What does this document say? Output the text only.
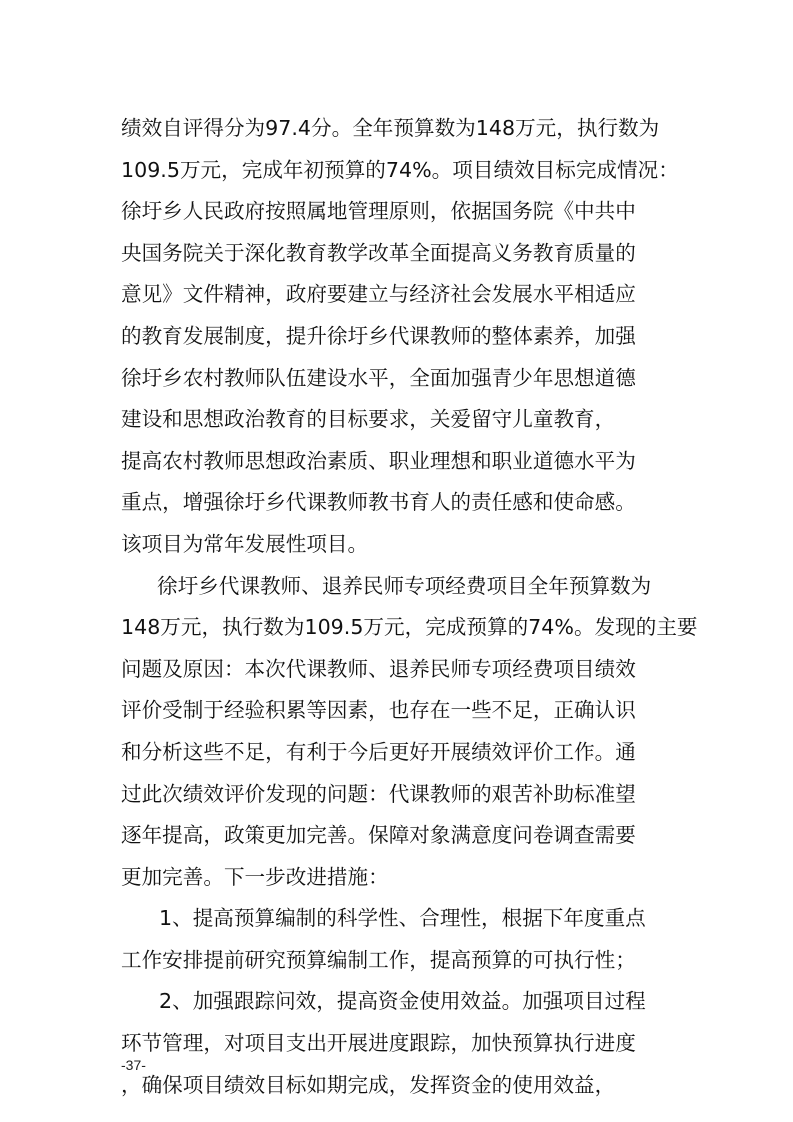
绩效自评得分为97.4分。全年预算数为148万元，执行数为
109.5万元，完成年初预算的74%。项目绩效目标完成情况：
徐圩乡人民政府按照属地管理原则，依据国务院《中共中
央国务院关于深化教育教学改革全面提高义务教育质量的
意见》文件精神，政府要建立与经济社会发展水平相适应
的教育发展制度，提升徐圩乡代课教师的整体素养，加强
徐圩乡农村教师队伍建设水平，全面加强青少年思想道德
建设和思想政治教育的目标要求，关爱留守儿童教育，
提高农村教师思想政治素质、职业理想和职业道德水平为
重点，增强徐圩乡代课教师教书育人的责任感和使命感。
该项目为常年发展性项目。
徐圩乡代课教师、退养民师专项经费项目全年预算数为
148万元，执行数为109.5万元，完成预算的74%。发现的主要
问题及原因：本次代课教师、退养民师专项经费项目绩效
评价受制于经验积累等因素，也存在一些不足，正确认识
和分析这些不足，有利于今后更好开展绩效评价工作。通
过此次绩效评价发现的问题：代课教师的艰苦补助标准望
逐年提高，政策更加完善。保障对象满意度问卷调查需要
更加完善。下一步改进措施：
1、提高预算编制的科学性、合理性，根据下年度重点
工作安排提前研究预算编制工作，提高预算的可执行性；
2、加强跟踪问效，提高资金使用效益。加强项目过程
环节管理，对项目支出开展进度跟踪，加快预算执行进度
，确保项目绩效目标如期完成，发挥资金的使用效益，
-37-
